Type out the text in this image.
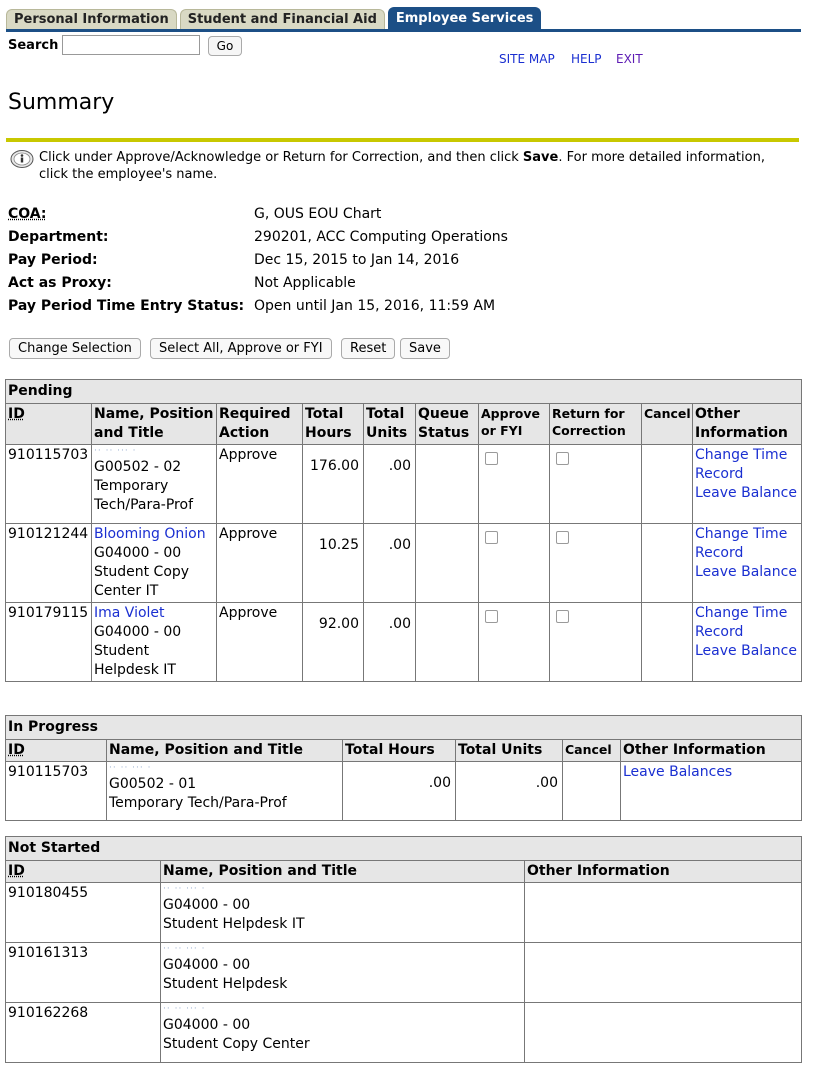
Personal Information	Student and Financial Aid	Employee Services
Search	Go
SITE MAP HELP EXIT
Summary
Click under Approve/Acknowledge or Return for Correction, and then click Save. For more detailed information, click the employee's name.
COA:	G, OUS EOU Chart
Department:	290201, ACC Computing Operations
Pay Period:	Dec 15, 2015 to Jan 14, 2016
Act as Proxy:	Not Applicable
Pay Period Time Entry Status: Open until Jan 15, 2016, 11:59 AM
Change Selection	Select All, Approve or FYI	Reset	Save
Pending									
ID	Name, Position and Title	Required Action	Total Hours	Total Units	Queue Status	Approve or FYI	Return for Correction	Cancel	Other Information
910115703	·· ·· ··· ·
G00502 - 02
Temporary Tech/Para-Prof	Approve	176.00	.00					Change Time Record
Leave Balance
910121244	Blooming Onion
G04000 - 00
Student Copy Center IT	Approve	10.25	.00					Change Time Record
Leave Balance
910179115	Ima Violet
G04000 - 00
Student Helpdesk IT	Approve	92.00	.00					Change Time Record
Leave Balance
In Progress					
ID	Name, Position and Title	Total Hours	Total Units	Cancel	Other Information
910115703	·· ·· ··· ·
G00502 - 01
Temporary Tech/Para-Prof	.00	.00		Leave Balances
Not Started		
ID	Name, Position and Title	Other Information
910180455	·· ·· ··· ·
G04000 - 00
Student Helpdesk IT	
910161313	·· ·· ··· ·
G04000 - 00
Student Helpdesk	
910162268	·· ·· ··· ·
G04000 - 00
Student Copy Center	
